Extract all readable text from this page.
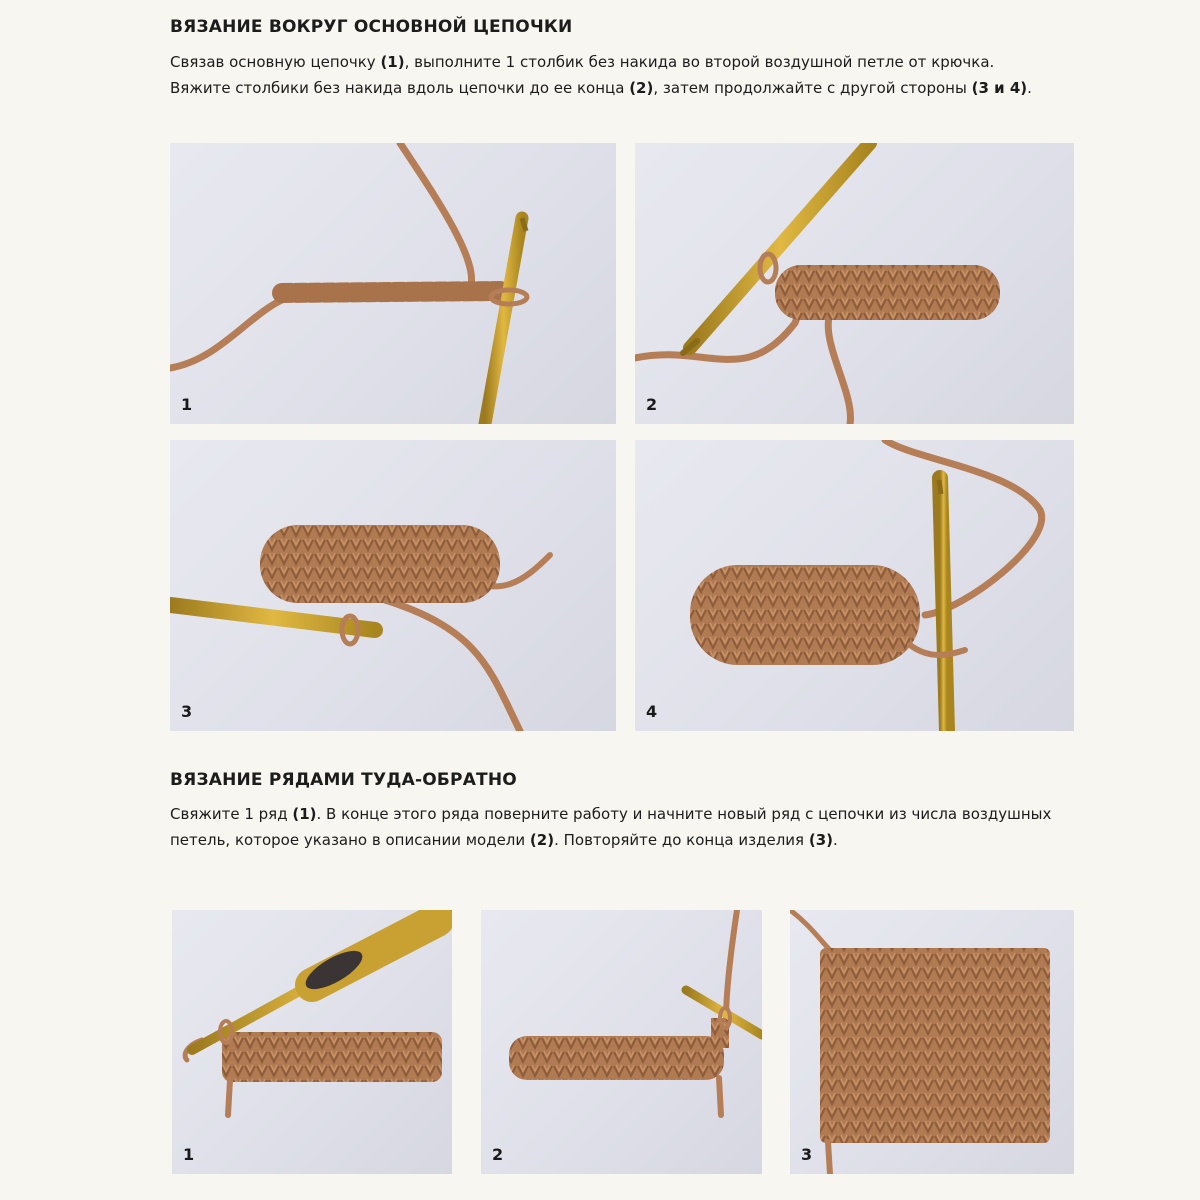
ВЯЗАНИЕ ВОКРУГ ОСНОВНОЙ ЦЕПОЧКИ

Связав основную цепочку (1), выполните 1 столбик без накида во второй воздушной петле от крючка.

Вяжите столбики без накида вдоль цепочки до ее конца (2), затем продолжайте с другой стороны (3 и 4).

1	2
3	4
ВЯЗАНИЕ РЯДАМИ ТУДА-ОБРАТНО

Свяжите 1 ряд (1). В конце этого ряда поверните работу и начните новый ряд с цепочки из числа воздушных

петель, которое указано в описании модели (2). Повторяйте до конца изделия (3).

1	2	3
